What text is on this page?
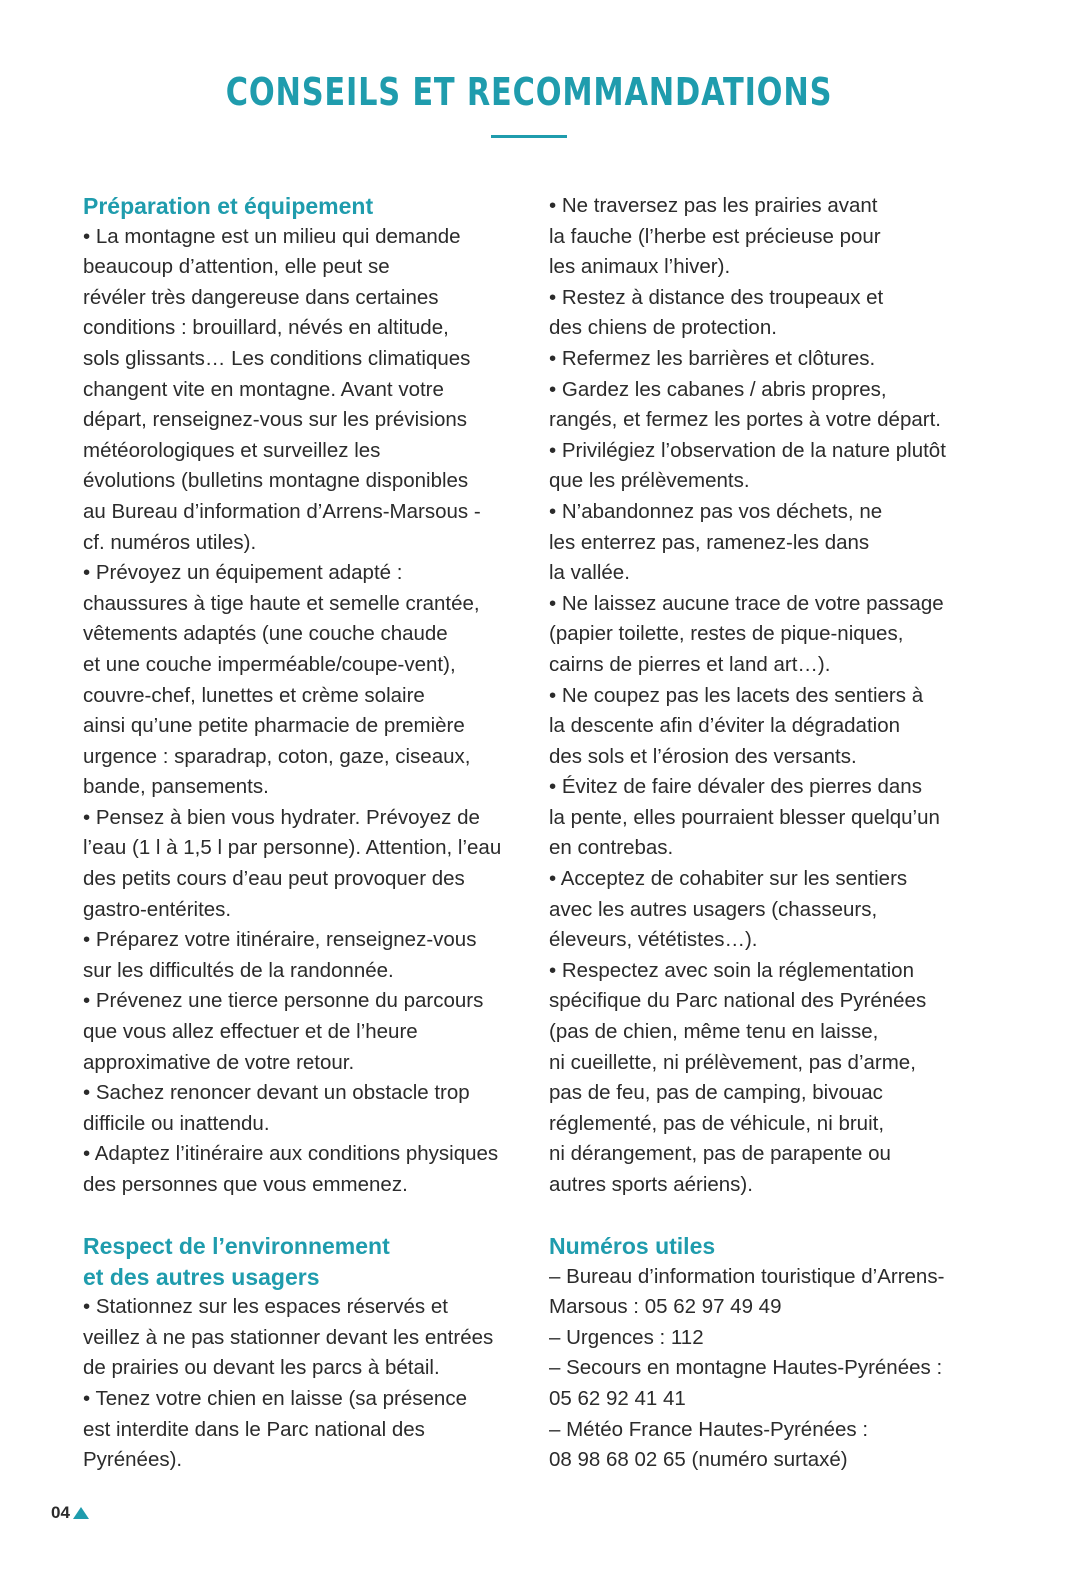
CONSEILS ET RECOMMANDATIONS
Préparation et équipement
• La montagne est un milieu qui demande
beaucoup d’attention, elle peut se
révéler très dangereuse dans certaines
conditions : brouillard, névés en altitude,
sols glissants… Les conditions climatiques
changent vite en montagne. Avant votre
départ, renseignez-vous sur les prévisions
météorologiques et surveillez les
évolutions (bulletins montagne disponibles
au Bureau d’information d’Arrens-Marsous -
cf. numéros utiles).
• Prévoyez un équipement adapté :
chaussures à tige haute et semelle crantée,
vêtements adaptés (une couche chaude
et une couche imperméable/coupe-vent),
couvre-chef, lunettes et crème solaire
ainsi qu’une petite pharmacie de première
urgence : sparadrap, coton, gaze, ciseaux,
bande, pansements.
• Pensez à bien vous hydrater. Prévoyez de
l’eau (1 l à 1,5 l par personne). Attention, l’eau
des petits cours d’eau peut provoquer des
gastro-entérites.
• Préparez votre itinéraire, renseignez-vous
sur les difficultés de la randonnée.
• Prévenez une tierce personne du parcours
que vous allez effectuer et de l’heure
approximative de votre retour.
• Sachez renoncer devant un obstacle trop
difficile ou inattendu.
• Adaptez l’itinéraire aux conditions physiques
des personnes que vous emmenez.
• Ne traversez pas les prairies avant
la fauche (l’herbe est précieuse pour
les animaux l’hiver).
• Restez à distance des troupeaux et
des chiens de protection.
• Refermez les barrières et clôtures.
• Gardez les cabanes / abris propres,
rangés, et fermez les portes à votre départ.
• Privilégiez l’observation de la nature plutôt
que les prélèvements.
• N’abandonnez pas vos déchets, ne
les enterrez pas, ramenez-les dans
la vallée.
• Ne laissez aucune trace de votre passage
(papier toilette, restes de pique-niques,
cairns de pierres et land art…).
• Ne coupez pas les lacets des sentiers à
la descente afin d’éviter la dégradation
des sols et l’érosion des versants.
• Évitez de faire dévaler des pierres dans
la pente, elles pourraient blesser quelqu’un
en contrebas.
• Acceptez de cohabiter sur les sentiers
avec les autres usagers (chasseurs,
éleveurs, vététistes…).
• Respectez avec soin la réglementation
spécifique du Parc national des Pyrénées
(pas de chien, même tenu en laisse,
ni cueillette, ni prélèvement, pas d’arme,
pas de feu, pas de camping, bivouac
réglementé, pas de véhicule, ni bruit,
ni dérangement, pas de parapente ou
autres sports aériens).
Respect de l’environnement
et des autres usagers
• Stationnez sur les espaces réservés et
veillez à ne pas stationner devant les entrées
de prairies ou devant les parcs à bétail.
• Tenez votre chien en laisse (sa présence
est interdite dans le Parc national des
Pyrénées).
Numéros utiles
– Bureau d’information touristique d’Arrens-
Marsous : 05 62 97 49 49
– Urgences : 112
– Secours en montagne Hautes-Pyrénées :
05 62 92 41 41
– Météo France Hautes-Pyrénées :
08 98 68 02 65 (numéro surtaxé)
04
